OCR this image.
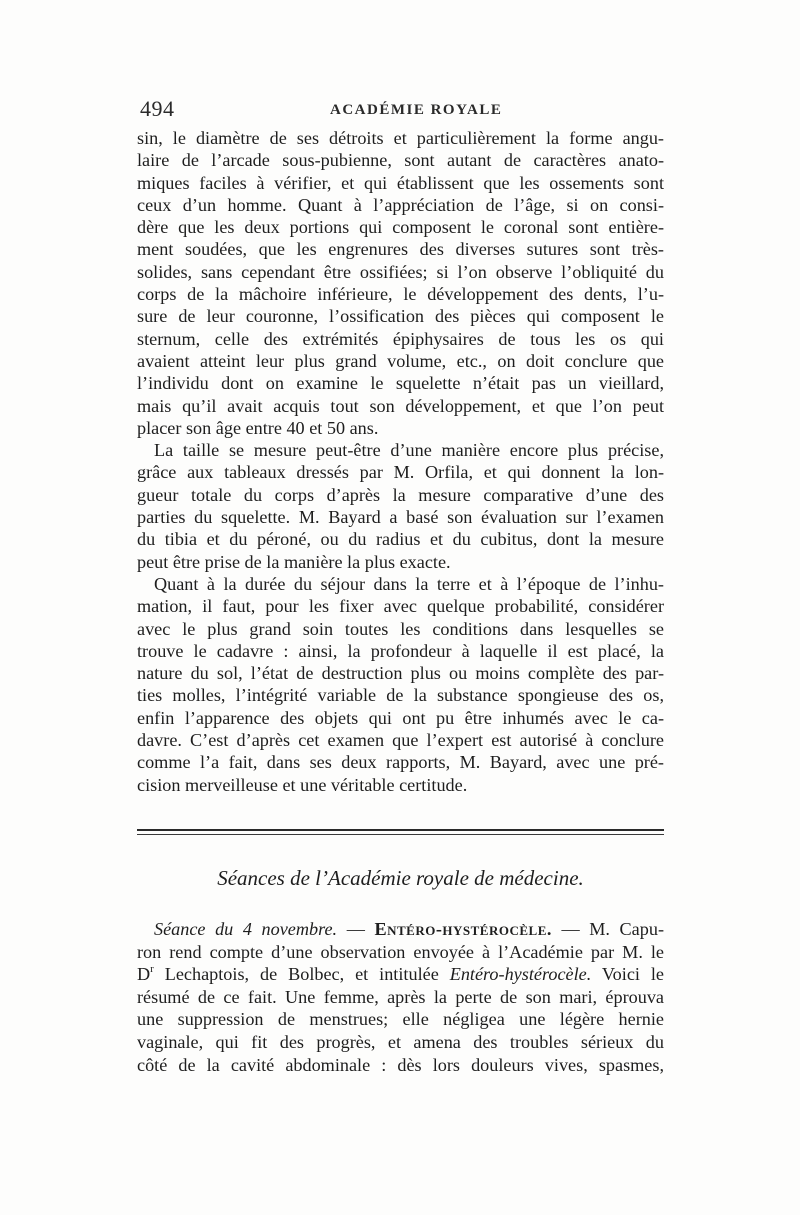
494	ACADÉMIE ROYALE
sin, le diamètre de ses détroits et particulièrement la forme angu-
laire de l’arcade sous-pubienne, sont autant de caractères anato-
miques faciles à vérifier, et qui établissent que les ossements sont
ceux d’un homme. Quant à l’appréciation de l’âge, si on consi-
dère que les deux portions qui composent le coronal sont entière-
ment soudées, que les engrenures des diverses sutures sont très-
solides, sans cependant être ossifiées; si l’on observe l’obliquité du
corps de la mâchoire inférieure, le développement des dents, l’u-
sure de leur couronne, l’ossification des pièces qui composent le
sternum, celle des extrémités épiphysaires de tous les os qui
avaient atteint leur plus grand volume, etc., on doit conclure que
l’individu dont on examine le squelette n’était pas un vieillard,
mais qu’il avait acquis tout son développement, et que l’on peut
placer son âge entre 40 et 50 ans.
La taille se mesure peut-être d’une manière encore plus précise,
grâce aux tableaux dressés par M. Orfila, et qui donnent la lon-
gueur totale du corps d’après la mesure comparative d’une des
parties du squelette. M. Bayard a basé son évaluation sur l’examen
du tibia et du péroné, ou du radius et du cubitus, dont la mesure
peut être prise de la manière la plus exacte.
Quant à la durée du séjour dans la terre et à l’époque de l’inhu-
mation, il faut, pour les fixer avec quelque probabilité, considérer
avec le plus grand soin toutes les conditions dans lesquelles se
trouve le cadavre : ainsi, la profondeur à laquelle il est placé, la
nature du sol, l’état de destruction plus ou moins complète des par-
ties molles, l’intégrité variable de la substance spongieuse des os,
enfin l’apparence des objets qui ont pu être inhumés avec le ca-
davre. C’est d’après cet examen que l’expert est autorisé à conclure
comme l’a fait, dans ses deux rapports, M. Bayard, avec une pré-
cision merveilleuse et une véritable certitude.
Séances de l’Académie royale de médecine.
Séance du 4 novembre. — Entéro-hystérocèle. — M. Capu-
ron rend compte d’une observation envoyée à l’Académie par M. le
$D^r$ Lechaptois, de Bolbec, et intitulée Entéro-hystérocèle. Voici le
résumé de ce fait. Une femme, après la perte de son mari, éprouva
une suppression de menstrues; elle négligea une légère hernie
vaginale, qui fit des progrès, et amena des troubles sérieux du
côté de la cavité abdominale : dès lors douleurs vives, spasmes,
